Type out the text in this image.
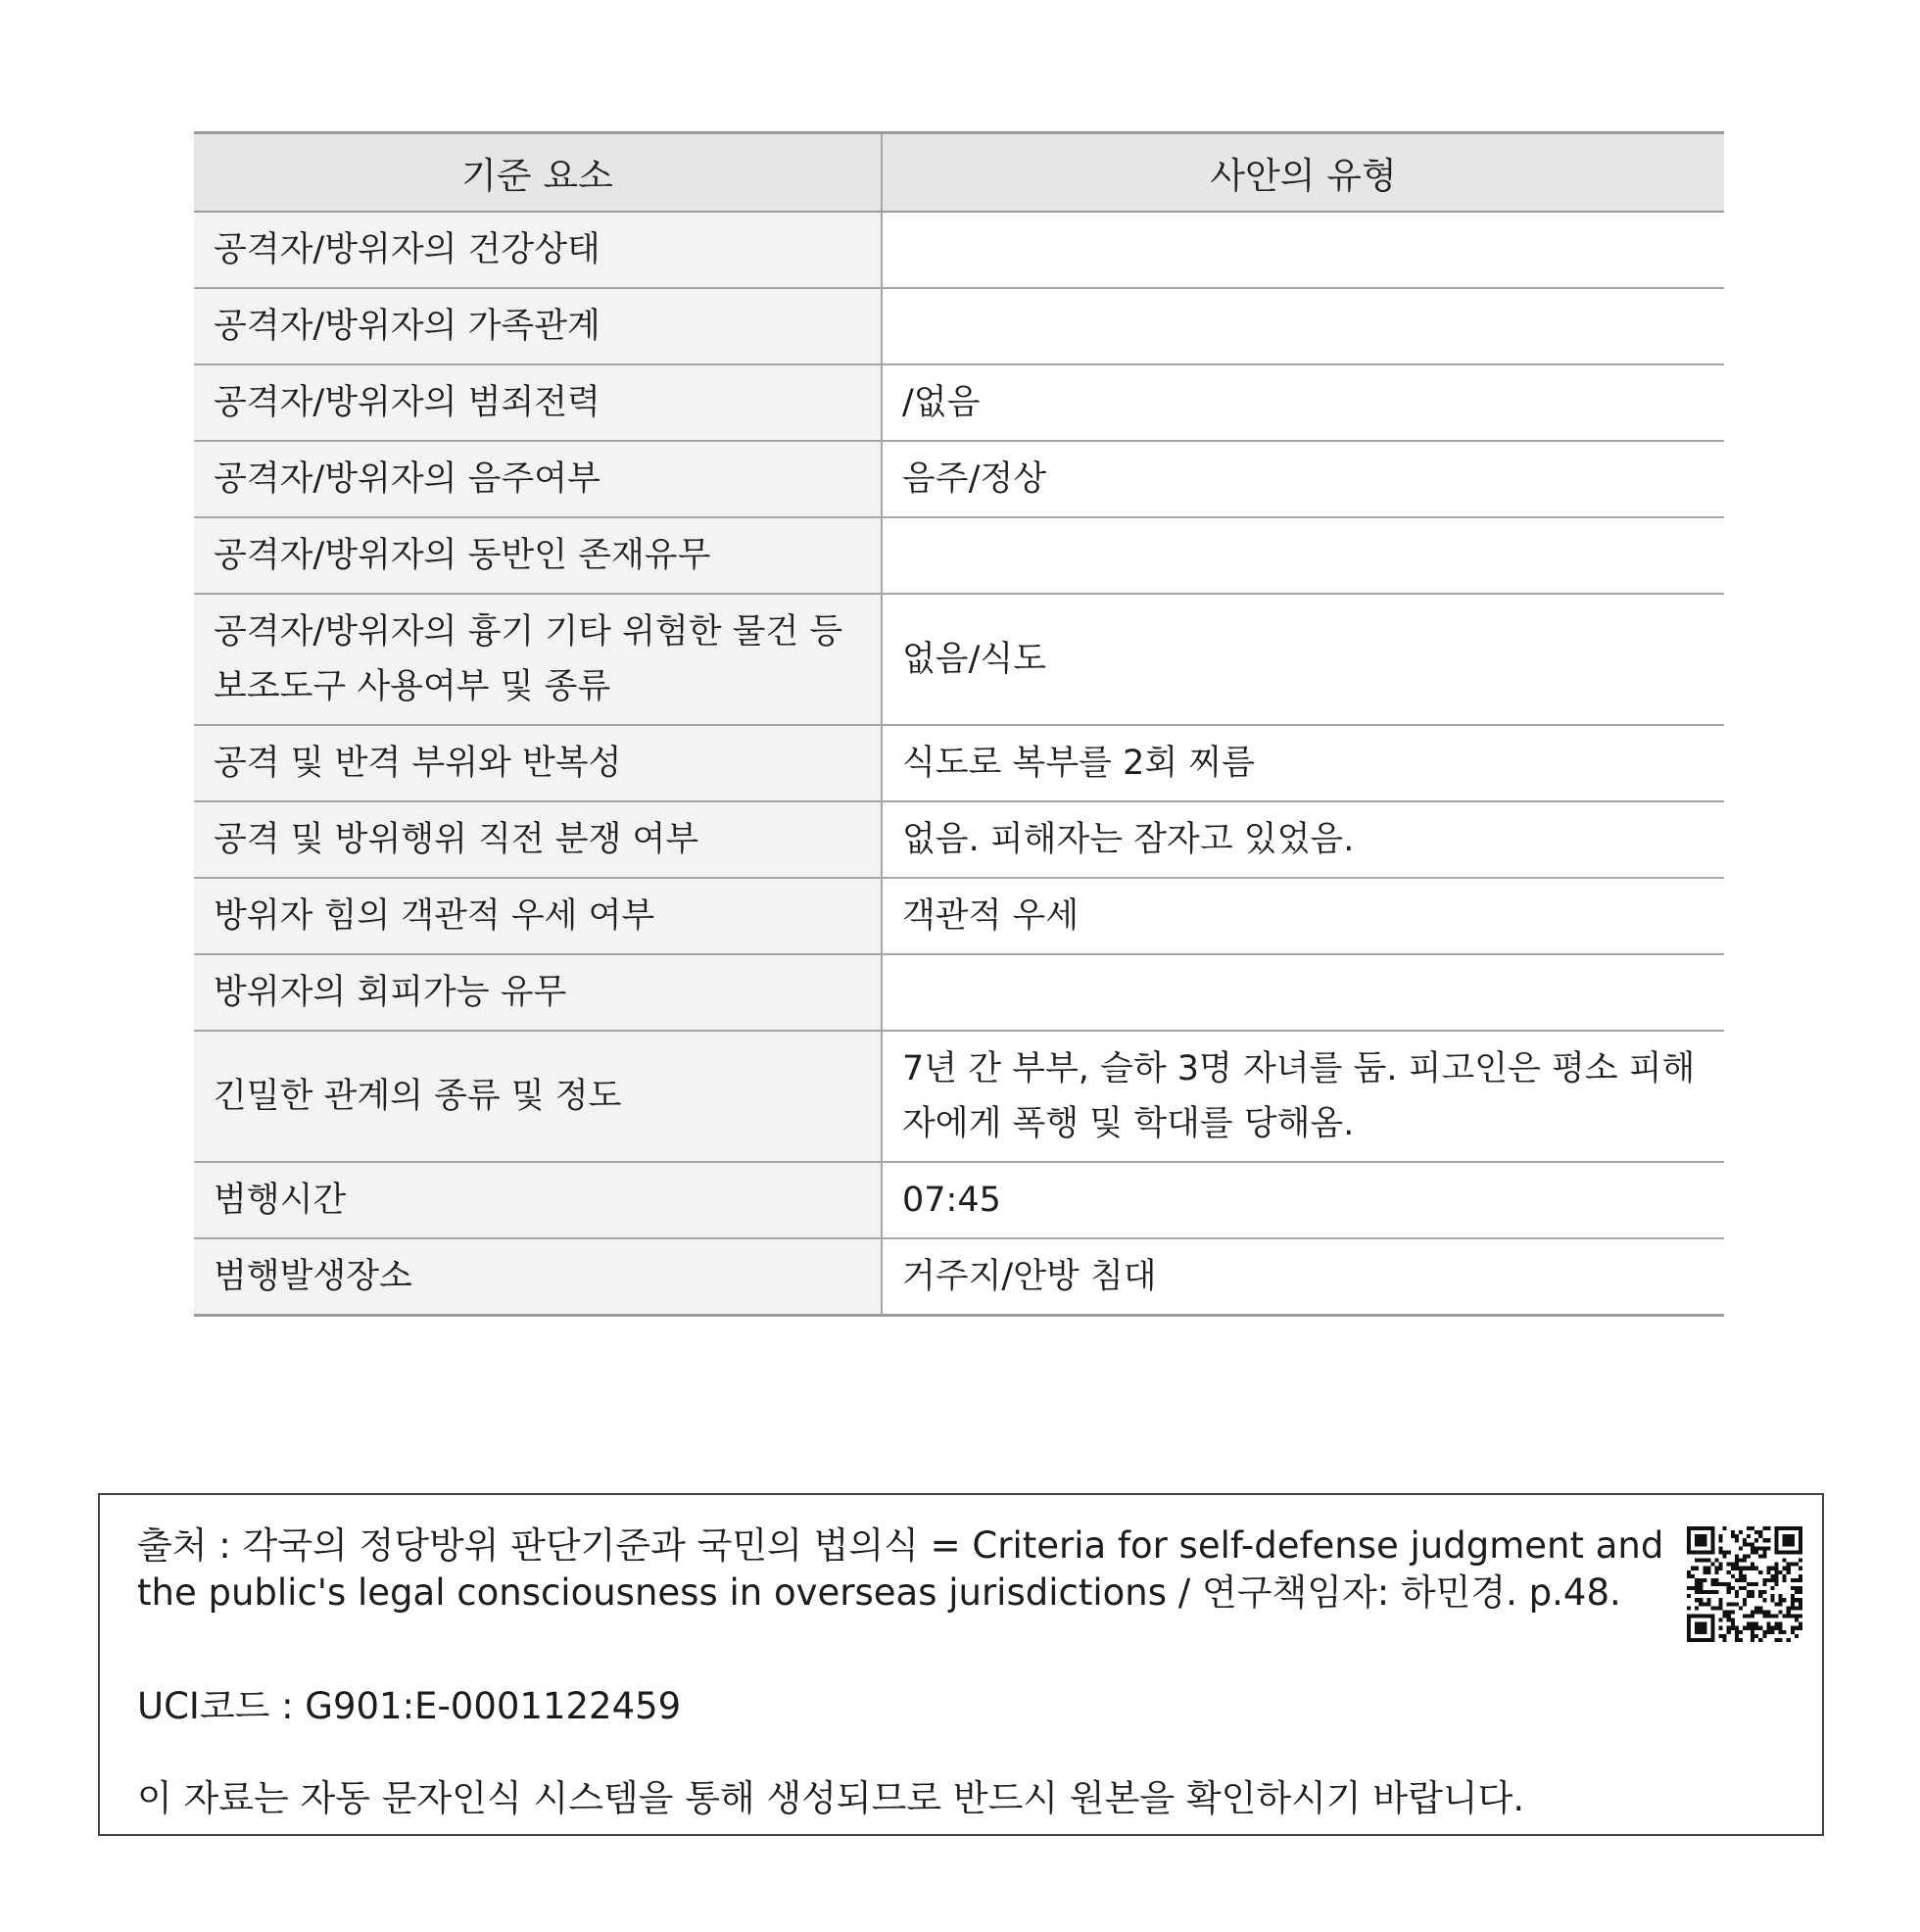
기준 요소	사안의 유형
공격자/방위자의 건강상태	
공격자/방위자의 가족관계	
공격자/방위자의 범죄전력	/없음
공격자/방위자의 음주여부	음주/정상
공격자/방위자의 동반인 존재유무	
공격자/방위자의 흉기 기타 위험한 물건 등 보조도구 사용여부 및 종류	없음/식도
공격 및 반격 부위와 반복성	식도로 복부를 2회 찌름
공격 및 방위행위 직전 분쟁 여부	없음. 피해자는 잠자고 있었음.
방위자 힘의 객관적 우세 여부	객관적 우세
방위자의 회피가능 유무	
긴밀한 관계의 종류 및 정도	7년 간 부부, 슬하 3명 자녀를 둠. 피고인은 평소 피해자에게 폭행 및 학대를 당해옴.
범행시간	07:45
범행발생장소	거주지/안방 침대
출처 : 각국의 정당방위 판단기준과 국민의 법의식 = Criteria for self-defense judgment and the public's legal consciousness in overseas jurisdictions / 연구책임자: 하민경. p.48.
UCI코드 : G901:E-0001122459
이 자료는 자동 문자인식 시스템을 통해 생성되므로 반드시 원본을 확인하시기 바랍니다.
